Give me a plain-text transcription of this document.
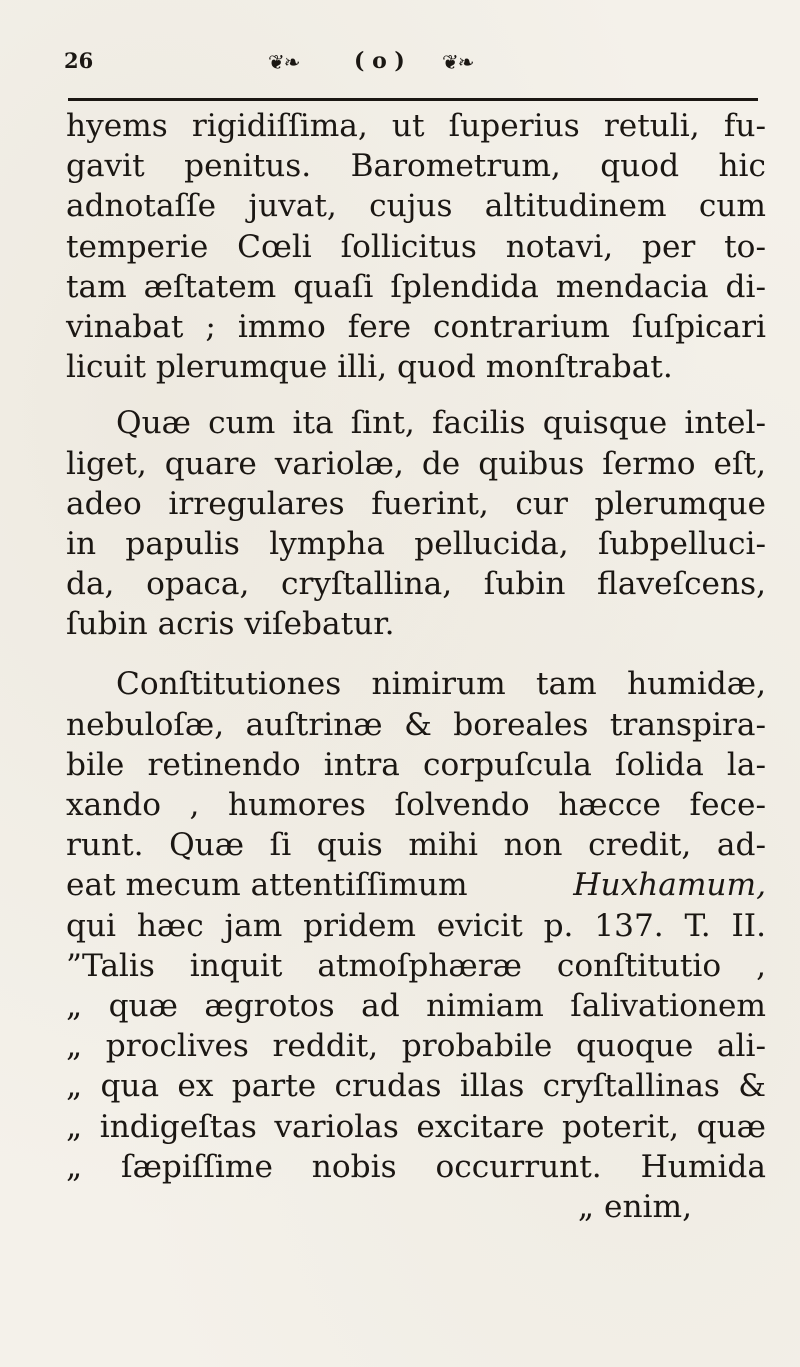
26	❦❧ ( o ) ❦❧
hyems rigidiſſima, ut ſuperius retuli, fu-
gavit penitus. Barometrum, quod hic
adnotaſſe juvat, cujus altitudinem cum
temperie Cœli ſollicitus notavi, per to-
tam æſtatem quaſi ſplendida mendacia di-
vinabat ; immo fere contrarium ſuſpicari
licuit plerumque illi, quod monſtrabat.
Quæ cum ita ſint, facilis quisque intel-
liget, quare variolæ, de quibus ſermo eſt,
adeo irregulares fuerint, cur plerumque
in papulis lympha pellucida, ſubpelluci-
da, opaca, cryſtallina, ſubin flaveſcens,
ſubin acris viſebatur.
Conſtitutiones nimirum tam humidæ,
nebuloſæ, auſtrinæ & boreales transpira-
bile retinendo intra corpuſcula ſolida la-
xando , humores ſolvendo hæcce fece-
runt. Quæ ſi quis mihi non credit, ad-
eat mecum attentiſſimum	Huxhamum,
qui hæc jam pridem evicit p. 137. T. II.
”Talis inquit atmoſphæræ conſtitutio ,
„ quæ ægrotos ad nimiam ſalivationem
„ proclives reddit, probabile quoque ali-
„ qua ex parte crudas illas cryſtallinas &
„ indigeſtas variolas excitare poterit, quæ
„ ſæpiſſime nobis occurrunt. Humida
„ enim,
